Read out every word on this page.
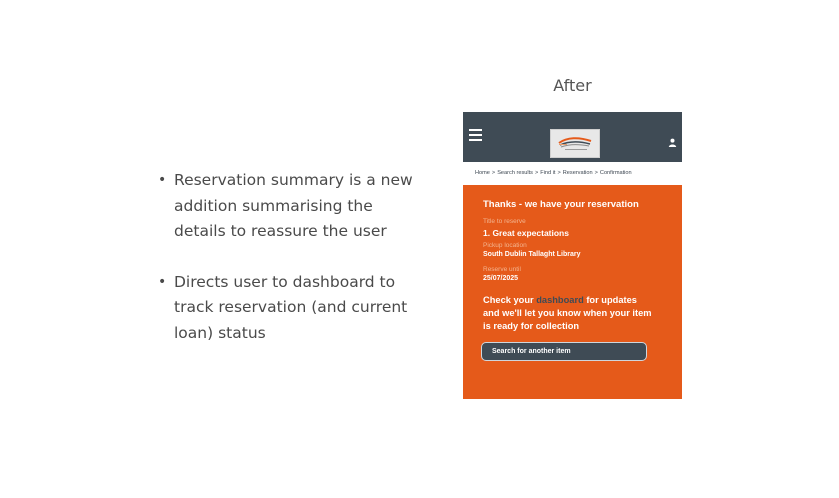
• Reservation summary is a new addition summarising the details to reassure the user
• Directs user to dashboard to track reservation (and current loan) status
After
Home > Search results > Find it > Reservation > Confirmation
Thanks - we have your reservation
Title to reserve
1. Great expectations
Pickup location
South Dublin Tallaght Library
Reserve until
25/07/2025
Check your dashboard for updates and we'll let you know when your item is ready for collection
Search for another item
